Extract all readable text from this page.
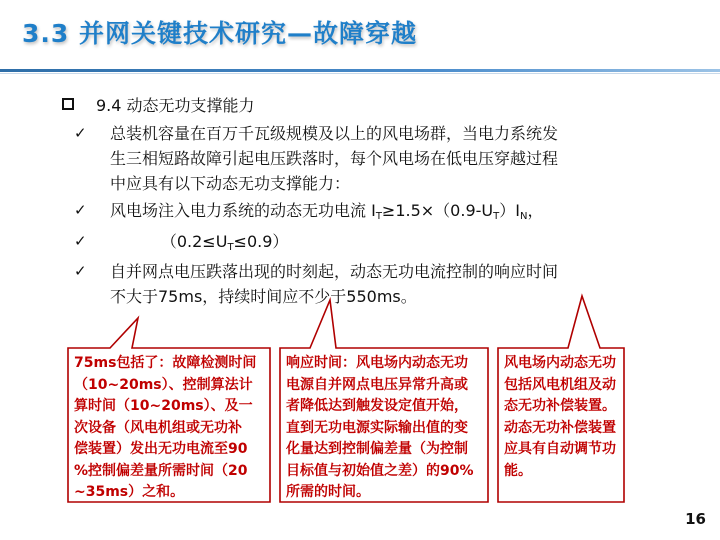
3.3 并网关键技术研究—故障穿越
9.4 动态无功支撑能力
✓ 总装机容量在百万千瓦级规模及以上的风电场群，当电力系统发
生三相短路故障引起电压跌落时，每个风电场在低电压穿越过程
中应具有以下动态无功支撑能力：
✓ 风电场注入电力系统的动态无功电流 $I_T\ge 1.5\times(0.9-U_T)I_N$，
✓ $(0.2\le U_T\le 0.9)$
✓ 自并网点电压跌落出现的时刻起，动态无功电流控制的响应时间
不大于75ms，持续时间应不少于550ms。
75ms包括了：故障检测时间
（10~20ms）、控制算法计
算时间（10~20ms）、及一
次设备（风电机组或无功补
偿装置）发出无功电流至90
%控制偏差量所需时间（20
~35ms）之和。
响应时间：风电场内动态无功
电源自并网点电压异常升高或
者降低达到触发设定值开始，
直到无功电源实际输出值的变
化量达到控制偏差量（为控制
目标值与初始值之差）的90%
所需的时间。
风电场内动态无功
包括风电机组及动
态无功补偿装置。
动态无功补偿装置
应具有自动调节功
能。
16
